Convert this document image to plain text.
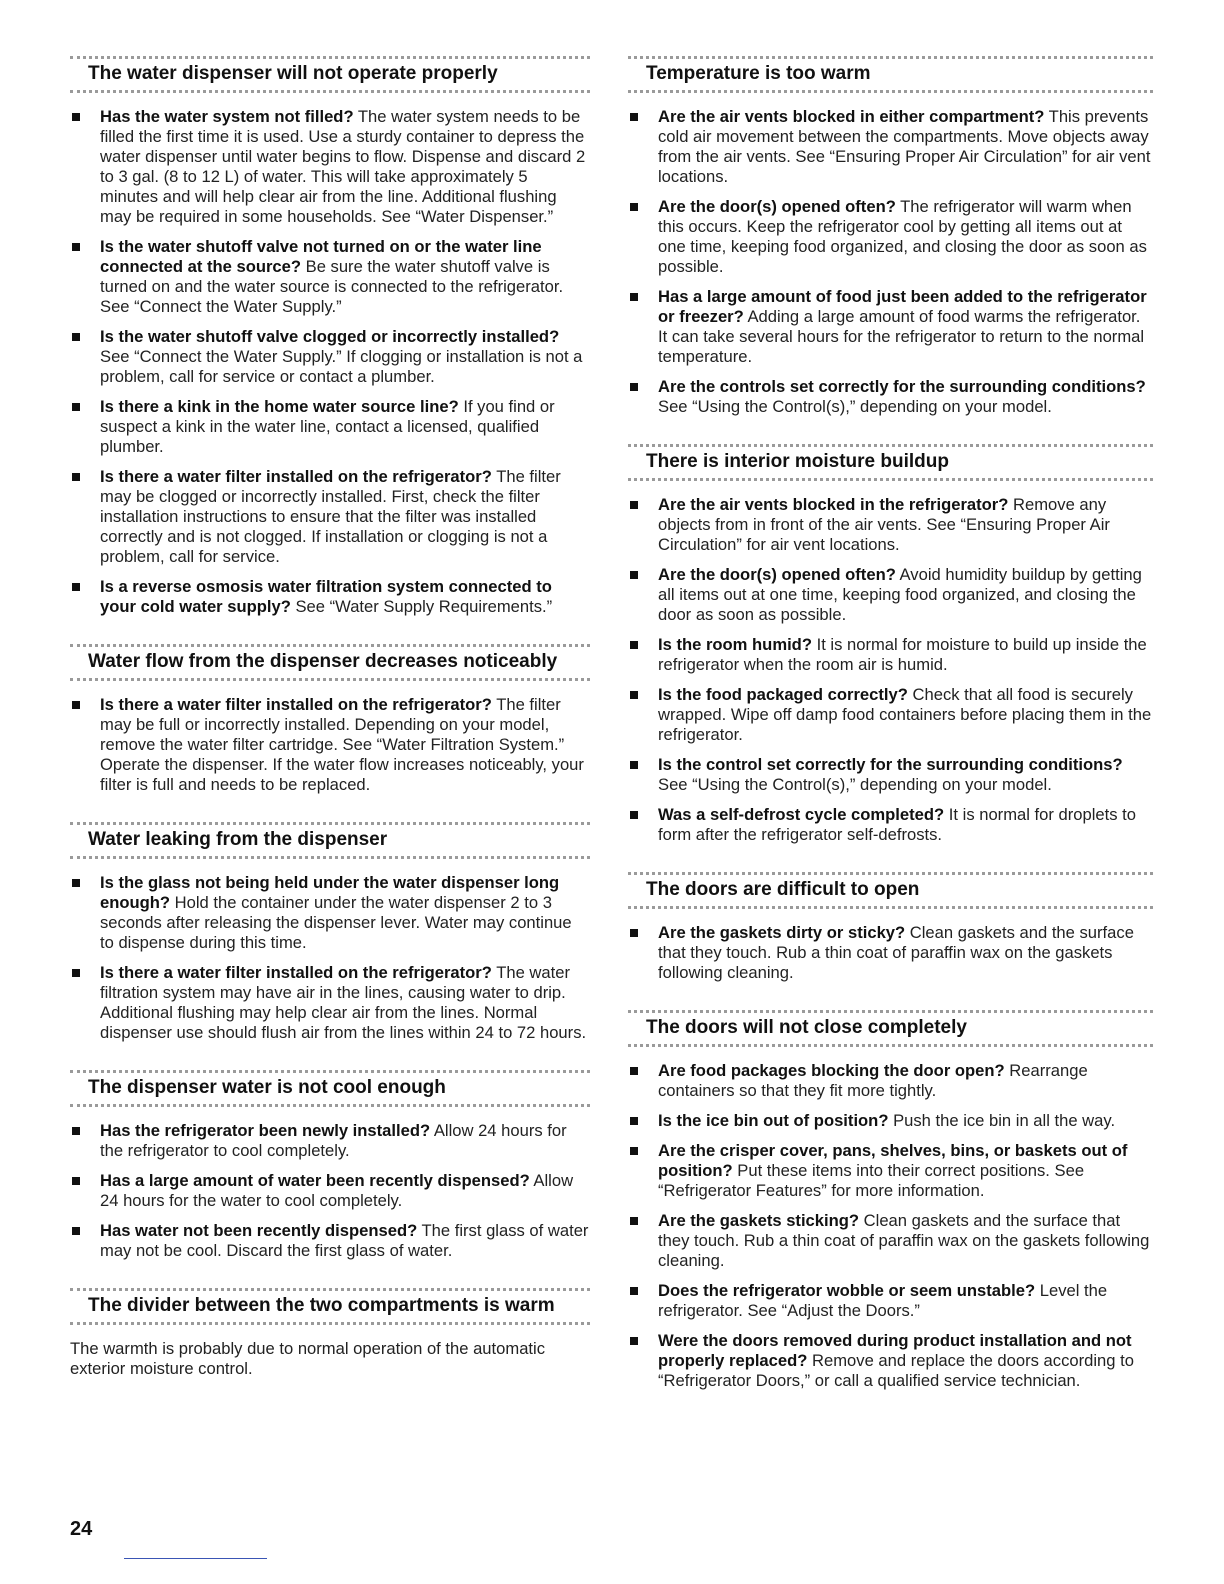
The water dispenser will not operate properly
Has the water system not filled? The water system needs to be filled the first time it is used. Use a sturdy container to depress the water dispenser until water begins to flow. Dispense and discard 2 to 3 gal. (8 to 12 L) of water. This will take approximately 5 minutes and will help clear air from the line. Additional flushing may be required in some households. See “Water Dispenser.”
Is the water shutoff valve not turned on or the water line connected at the source? Be sure the water shutoff valve is turned on and the water source is connected to the refrigerator. See “Connect the Water Supply.”
Is the water shutoff valve clogged or incorrectly installed? See “Connect the Water Supply.” If clogging or installation is not a problem, call for service or contact a plumber.
Is there a kink in the home water source line? If you find or suspect a kink in the water line, contact a licensed, qualified plumber.
Is there a water filter installed on the refrigerator? The filter may be clogged or incorrectly installed. First, check the filter installation instructions to ensure that the filter was installed correctly and is not clogged. If installation or clogging is not a problem, call for service.
Is a reverse osmosis water filtration system connected to your cold water supply? See “Water Supply Requirements.”
Water flow from the dispenser decreases noticeably
Is there a water filter installed on the refrigerator? The filter may be full or incorrectly installed. Depending on your model, remove the water filter cartridge. See “Water Filtration System.” Operate the dispenser. If the water flow increases noticeably, your filter is full and needs to be replaced.
Water leaking from the dispenser
Is the glass not being held under the water dispenser long enough? Hold the container under the water dispenser 2 to 3 seconds after releasing the dispenser lever. Water may continue to dispense during this time.
Is there a water filter installed on the refrigerator? The water filtration system may have air in the lines, causing water to drip. Additional flushing may help clear air from the lines. Normal dispenser use should flush air from the lines within 24 to 72 hours.
The dispenser water is not cool enough
Has the refrigerator been newly installed? Allow 24 hours for the refrigerator to cool completely.
Has a large amount of water been recently dispensed? Allow 24 hours for the water to cool completely.
Has water not been recently dispensed? The first glass of water may not be cool. Discard the first glass of water.
The divider between the two compartments is warm

The warmth is probably due to normal operation of the automatic exterior moisture control.

Temperature is too warm
Are the air vents blocked in either compartment? This prevents cold air movement between the compartments. Move objects away from the air vents. See “Ensuring Proper Air Circulation” for air vent locations.
Are the door(s) opened often? The refrigerator will warm when this occurs. Keep the refrigerator cool by getting all items out at one time, keeping food organized, and closing the door as soon as possible.
Has a large amount of food just been added to the refrigerator or freezer? Adding a large amount of food warms the refrigerator. It can take several hours for the refrigerator to return to the normal temperature.
Are the controls set correctly for the surrounding conditions? See “Using the Control(s),” depending on your model.
There is interior moisture buildup
Are the air vents blocked in the refrigerator? Remove any objects from in front of the air vents. See “Ensuring Proper Air Circulation” for air vent locations.
Are the door(s) opened often? Avoid humidity buildup by getting all items out at one time, keeping food organized, and closing the door as soon as possible.
Is the room humid? It is normal for moisture to build up inside the refrigerator when the room air is humid.
Is the food packaged correctly? Check that all food is securely wrapped. Wipe off damp food containers before placing them in the refrigerator.
Is the control set correctly for the surrounding conditions? See “Using the Control(s),” depending on your model.
Was a self-defrost cycle completed? It is normal for droplets to form after the refrigerator self-defrosts.
The doors are difficult to open
Are the gaskets dirty or sticky? Clean gaskets and the surface that they touch. Rub a thin coat of paraffin wax on the gaskets following cleaning.
The doors will not close completely
Are food packages blocking the door open? Rearrange containers so that they fit more tightly.
Is the ice bin out of position? Push the ice bin in all the way.
Are the crisper cover, pans, shelves, bins, or baskets out of position? Put these items into their correct positions. See “Refrigerator Features” for more information.
Are the gaskets sticking? Clean gaskets and the surface that they touch. Rub a thin coat of paraffin wax on the gaskets following cleaning.
Does the refrigerator wobble or seem unstable? Level the refrigerator. See “Adjust the Doors.”
Were the doors removed during product installation and not properly replaced? Remove and replace the doors according to “Refrigerator Doors,” or call a qualified service technician.
24
